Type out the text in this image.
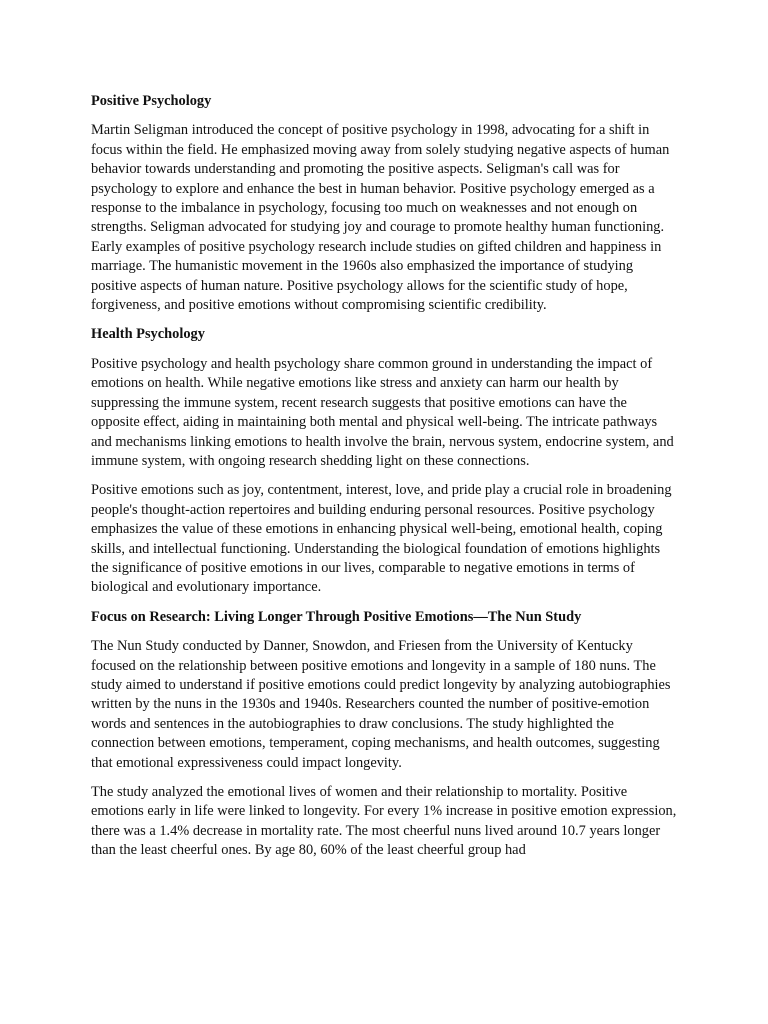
Positive Psychology

Martin Seligman introduced the concept of positive psychology in 1998, advocating for a shift in focus within the field. He emphasized moving away from solely studying negative aspects of human behavior towards understanding and promoting the positive aspects. Seligman's call was for psychology to explore and enhance the best in human behavior. Positive psychology emerged as a response to the imbalance in psychology, focusing too much on weaknesses and not enough on strengths. Seligman advocated for studying joy and courage to promote healthy human functioning. Early examples of positive psychology research include studies on gifted children and happiness in marriage. The humanistic movement in the 1960s also emphasized the importance of studying positive aspects of human nature. Positive psychology allows for the scientific study of hope, forgiveness, and positive emotions without compromising scientific credibility.

Health Psychology

Positive psychology and health psychology share common ground in understanding the impact of emotions on health. While negative emotions like stress and anxiety can harm our health by suppressing the immune system, recent research suggests that positive emotions can have the opposite effect, aiding in maintaining both mental and physical well-being. The intricate pathways and mechanisms linking emotions to health involve the brain, nervous system, endocrine system, and immune system, with ongoing research shedding light on these connections.

Positive emotions such as joy, contentment, interest, love, and pride play a crucial role in broadening people's thought-action repertoires and building enduring personal resources. Positive psychology emphasizes the value of these emotions in enhancing physical well-being, emotional health, coping skills, and intellectual functioning. Understanding the biological foundation of emotions highlights the significance of positive emotions in our lives, comparable to negative emotions in terms of biological and evolutionary importance.

Focus on Research: Living Longer Through Positive Emotions—The Nun Study

The Nun Study conducted by Danner, Snowdon, and Friesen from the University of Kentucky focused on the relationship between positive emotions and longevity in a sample of 180 nuns. The study aimed to understand if positive emotions could predict longevity by analyzing autobiographies written by the nuns in the 1930s and 1940s. Researchers counted the number of positive-emotion words and sentences in the autobiographies to draw conclusions. The study highlighted the connection between emotions, temperament, coping mechanisms, and health outcomes, suggesting that emotional expressiveness could impact longevity.

The study analyzed the emotional lives of women and their relationship to mortality. Positive emotions early in life were linked to longevity. For every 1% increase in positive emotion expression, there was a 1.4% decrease in mortality rate. The most cheerful nuns lived around 10.7 years longer than the least cheerful ones. By age 80, 60% of the least cheerful group had
